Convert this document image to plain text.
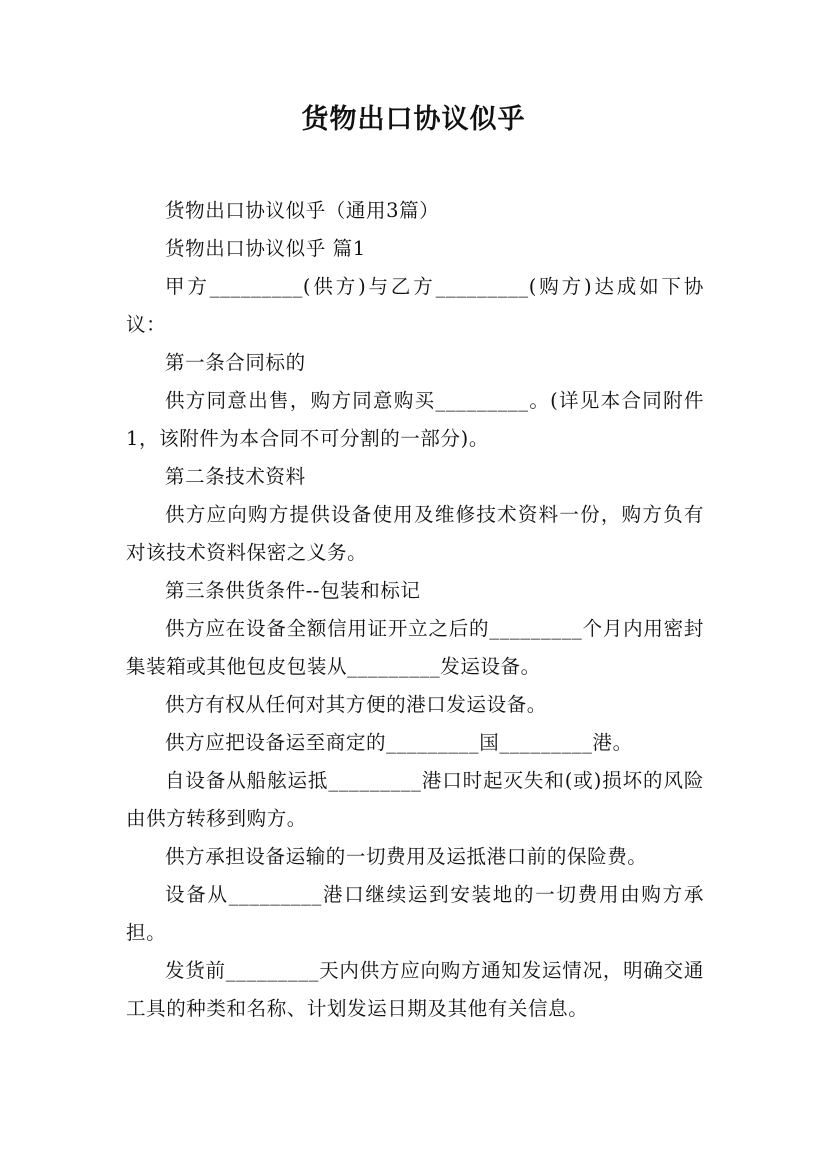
货物出口协议似乎

货物出口协议似乎（通用3篇）

货物出口协议似乎 篇1

甲方_________(供方)与乙方_________(购方)达成如下协议：

第一条合同标的

供方同意出售，购方同意购买_________。(详见本合同附件1，该附件为本合同不可分割的一部分)。

第二条技术资料

供方应向购方提供设备使用及维修技术资料一份，购方负有对该技术资料保密之义务。

第三条供货条件--包装和标记

供方应在设备全额信用证开立之后的_________个月内用密封集装箱或其他包皮包装从_________发运设备。

供方有权从任何对其方便的港口发运设备。

供方应把设备运至商定的_________国_________港。

自设备从船舷运抵_________港口时起灭失和(或)损坏的风险由供方转移到购方。

供方承担设备运输的一切费用及运抵港口前的保险费。

设备从_________港口继续运到安装地的一切费用由购方承担。

发货前_________天内供方应向购方通知发运情况，明确交通工具的种类和名称、计划发运日期及其他有关信息。
